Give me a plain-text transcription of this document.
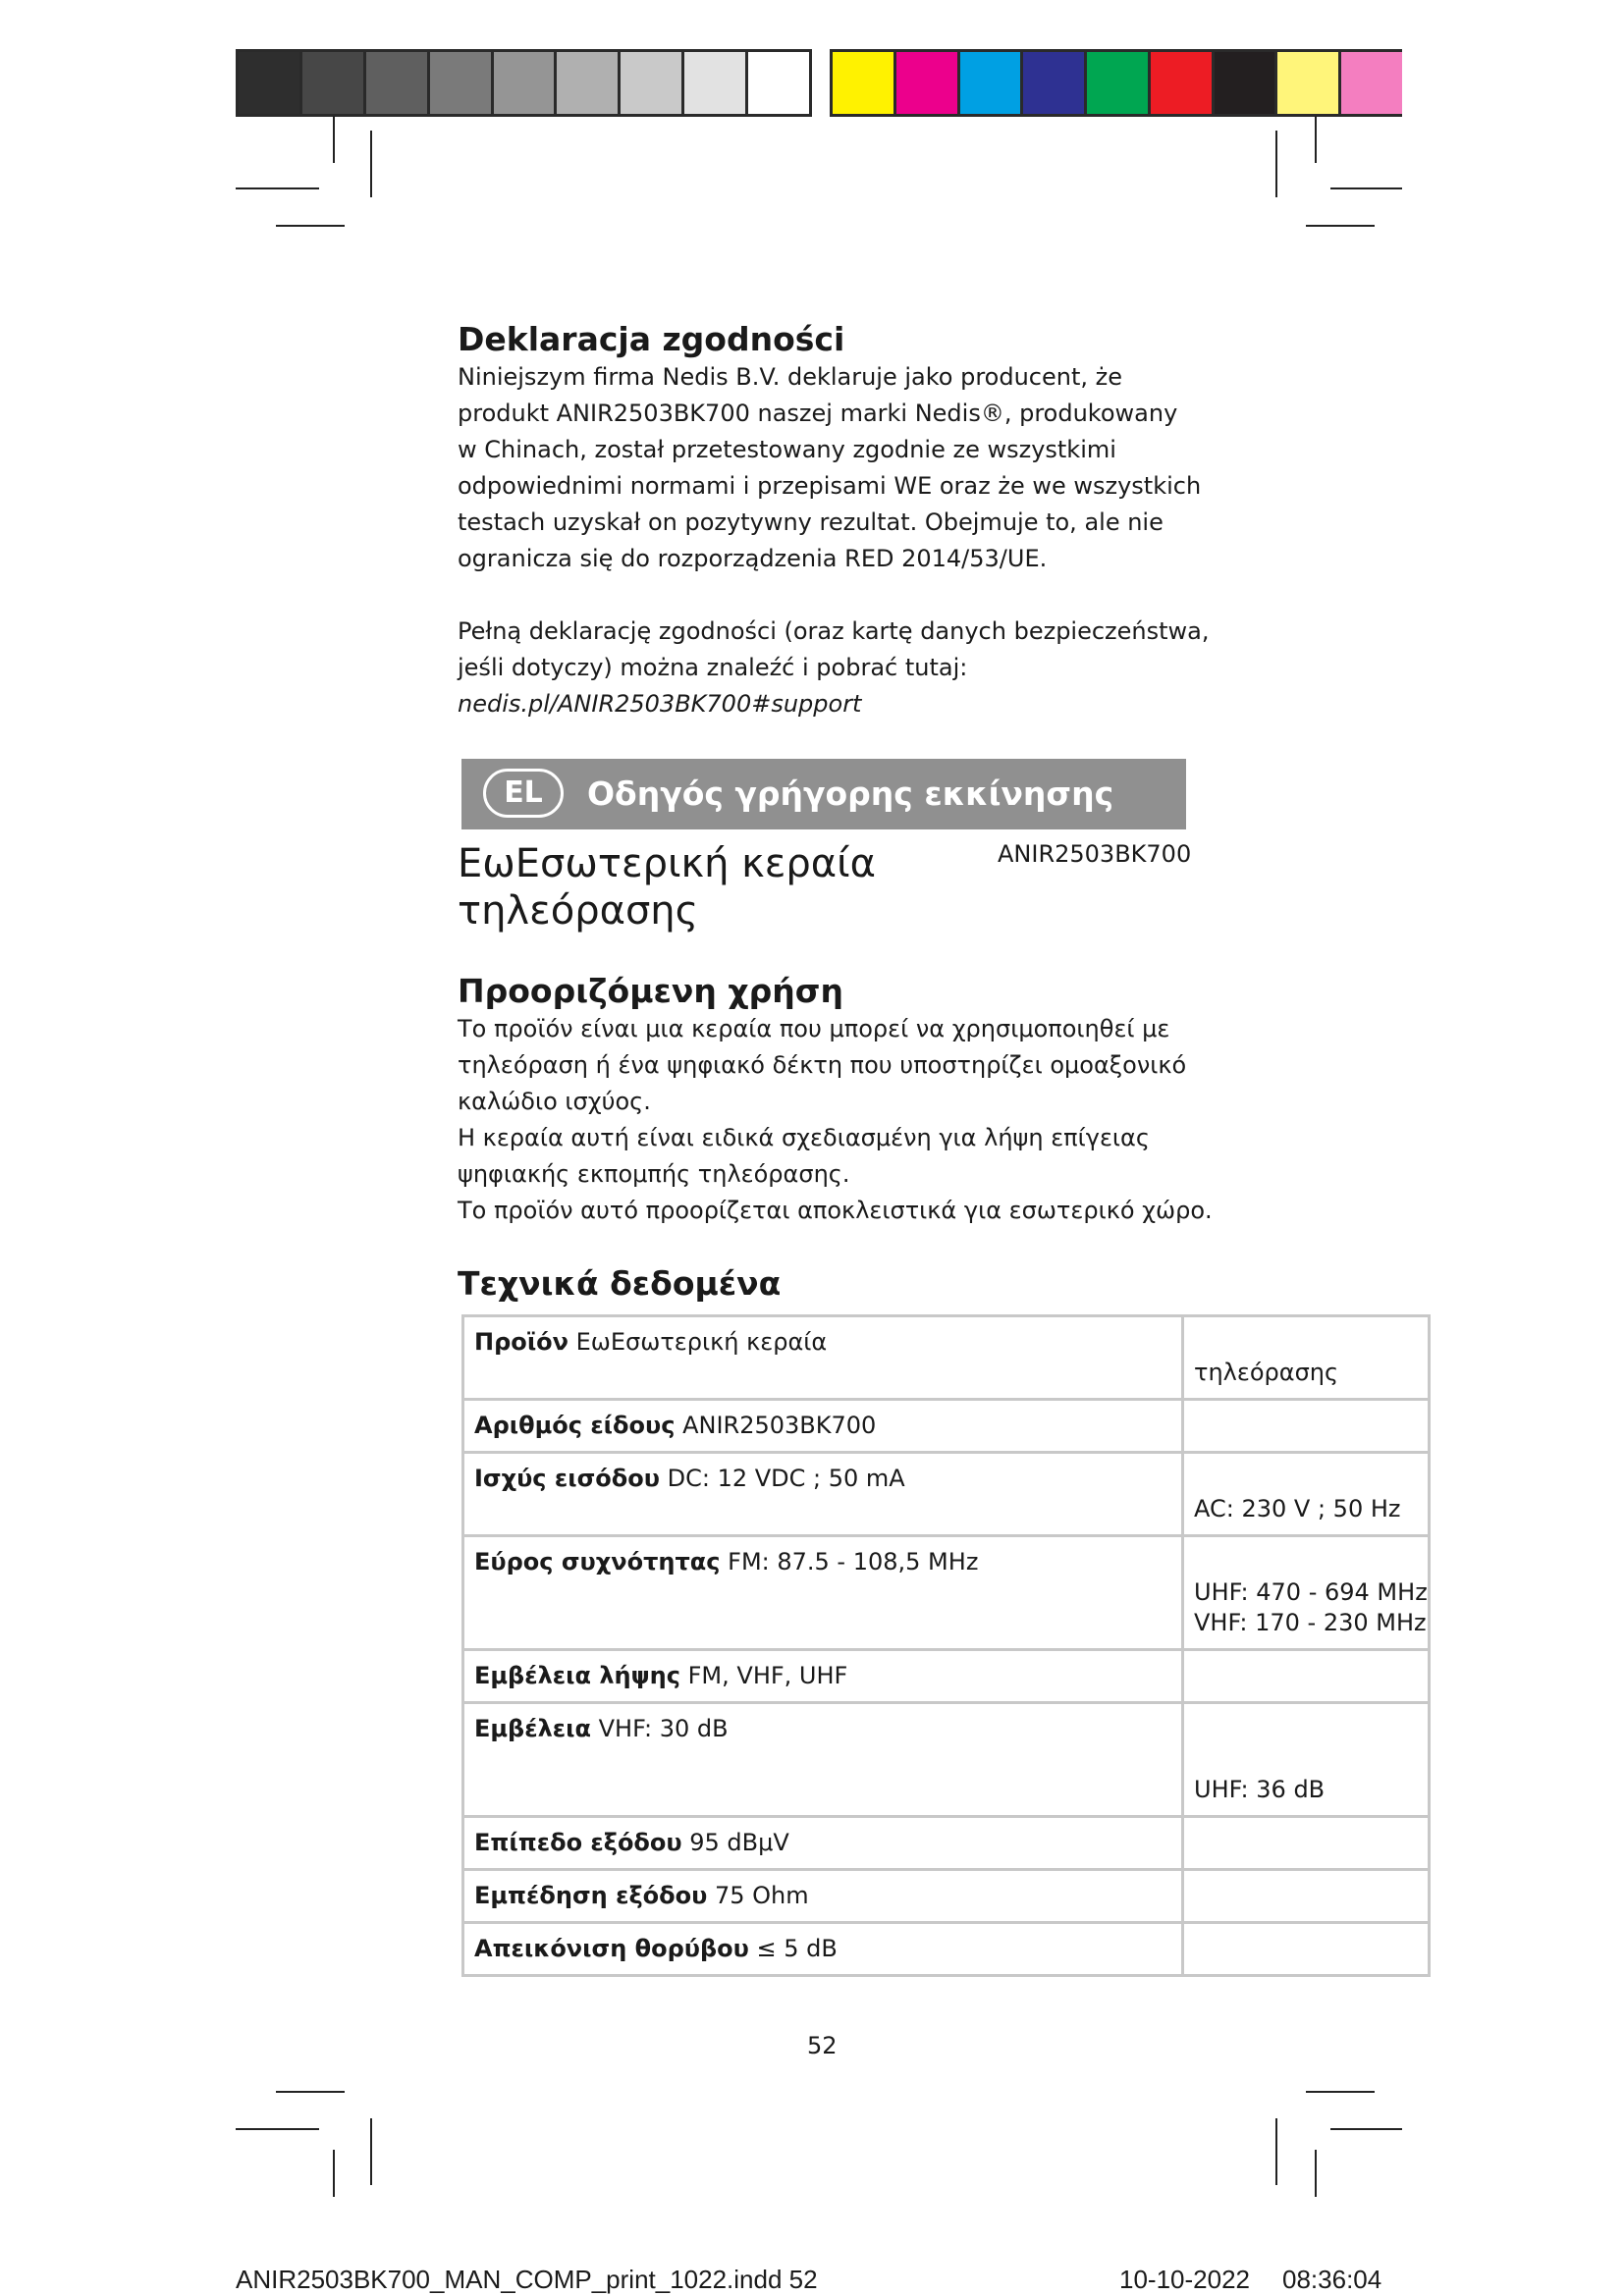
Deklaracja zgodności
Niniejszym firma Nedis B.V. deklaruje jako producent, że
produkt ANIR2503BK700 naszej marki Nedis®, produkowany
w Chinach, został przetestowany zgodnie ze wszystkimi
odpowiednimi normami i przepisami WE oraz że we wszystkich
testach uzyskał on pozytywny rezultat. Obejmuje to, ale nie
ogranicza się do rozporządzenia RED 2014/53/UE.
Pełną deklarację zgodności (oraz kartę danych bezpieczeństwa,
jeśli dotyczy) można znaleźć i pobrać tutaj:
nedis.pl/ANIR2503BK700#support
EL	Οδηγός γρήγορης εκκίνησης
ΕωΕσωτερική κεραία
τηλεόρασης
ANIR2503BK700
Προοριζόμενη χρήση
Το προϊόν είναι μια κεραία που μπορεί να χρησιμοποιηθεί με
τηλεόραση ή ένα ψηφιακό δέκτη που υποστηρίζει ομοαξονικό
καλώδιο ισχύος.
Η κεραία αυτή είναι ειδικά σχεδιασμένη για λήψη επίγειας
ψηφιακής εκπομπής τηλεόρασης.
Το προϊόν αυτό προορίζεται αποκλειστικά για εσωτερικό χώρο.
Τεχνικά δεδομένα
Προϊόν ΕωΕσωτερική κεραία	τηλεόρασης

Αριθμός είδους ANIR2503BK700	

Ισχύς εισόδου DC: 12 VDC ; 50 mA	AC: 230 V ; 50 Hz

Εύρος συχνότητας FM: 87.5 - 108,5 MHz	UHF: 470 - 694 MHz
VHF: 170 - 230 MHz

Εμβέλεια λήψης FM, VHF, UHF	

Εμβέλεια VHF: 30 dB	UHF: 36 dB

Επίπεδο εξόδου 95 dBμV	

Εμπέδηση εξόδου 75 Ohm	

Απεικόνιση θορύβου ≤ 5 dB	

52
ANIR2503BK700_MAN_COMP_print_1022.indd 52	10-10-2022 08:36:04
